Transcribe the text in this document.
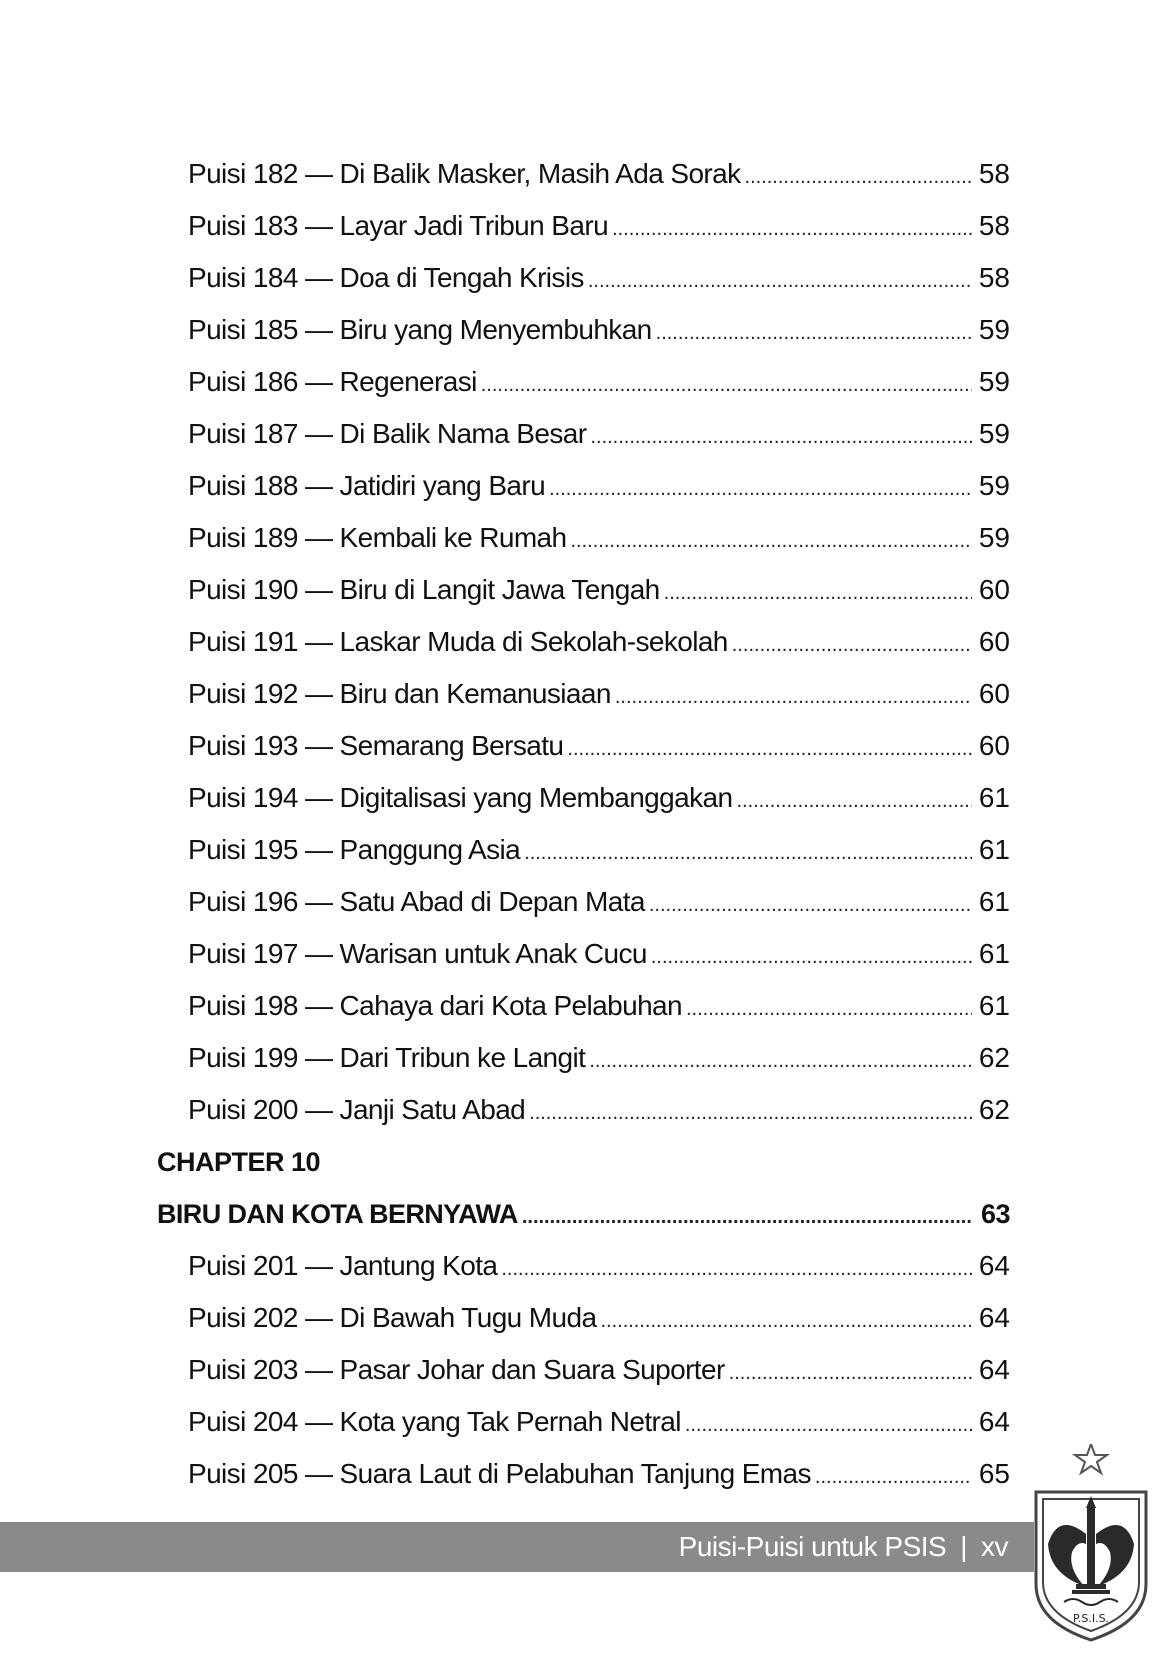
Puisi 182 — Di Balik Masker, Masih Ada Sorak .....	58
Puisi 183 — Layar Jadi Tribun Baru .....	58
Puisi 184 — Doa di Tengah Krisis .....	58
Puisi 185 — Biru yang Menyembuhkan .....	59
Puisi 186 — Regenerasi .....	59
Puisi 187 — Di Balik Nama Besar .....	59
Puisi 188 — Jatidiri yang Baru .....	59
Puisi 189 — Kembali ke Rumah .....	59
Puisi 190 — Biru di Langit Jawa Tengah .....	60
Puisi 191 — Laskar Muda di Sekolah-sekolah .....	60
Puisi 192 — Biru dan Kemanusiaan .....	60
Puisi 193 — Semarang Bersatu .....	60
Puisi 194 — Digitalisasi yang Membanggakan .....	61
Puisi 195 — Panggung Asia .....	61
Puisi 196 — Satu Abad di Depan Mata .....	61
Puisi 197 — Warisan untuk Anak Cucu .....	61
Puisi 198 — Cahaya dari Kota Pelabuhan .....	61
Puisi 199 — Dari Tribun ke Langit .....	62
Puisi 200 — Janji Satu Abad .....	62
CHAPTER 10
BIRU DAN KOTA BERNYAWA .....	63
Puisi 201 — Jantung Kota .....	64
Puisi 202 — Di Bawah Tugu Muda .....	64
Puisi 203 — Pasar Johar dan Suara Suporter .....	64
Puisi 204 — Kota yang Tak Pernah Netral .....	64
Puisi 205 — Suara Laut di Pelabuhan Tanjung Emas .....	65
Puisi-Puisi untuk PSIS | xv
P.S.I.S.
